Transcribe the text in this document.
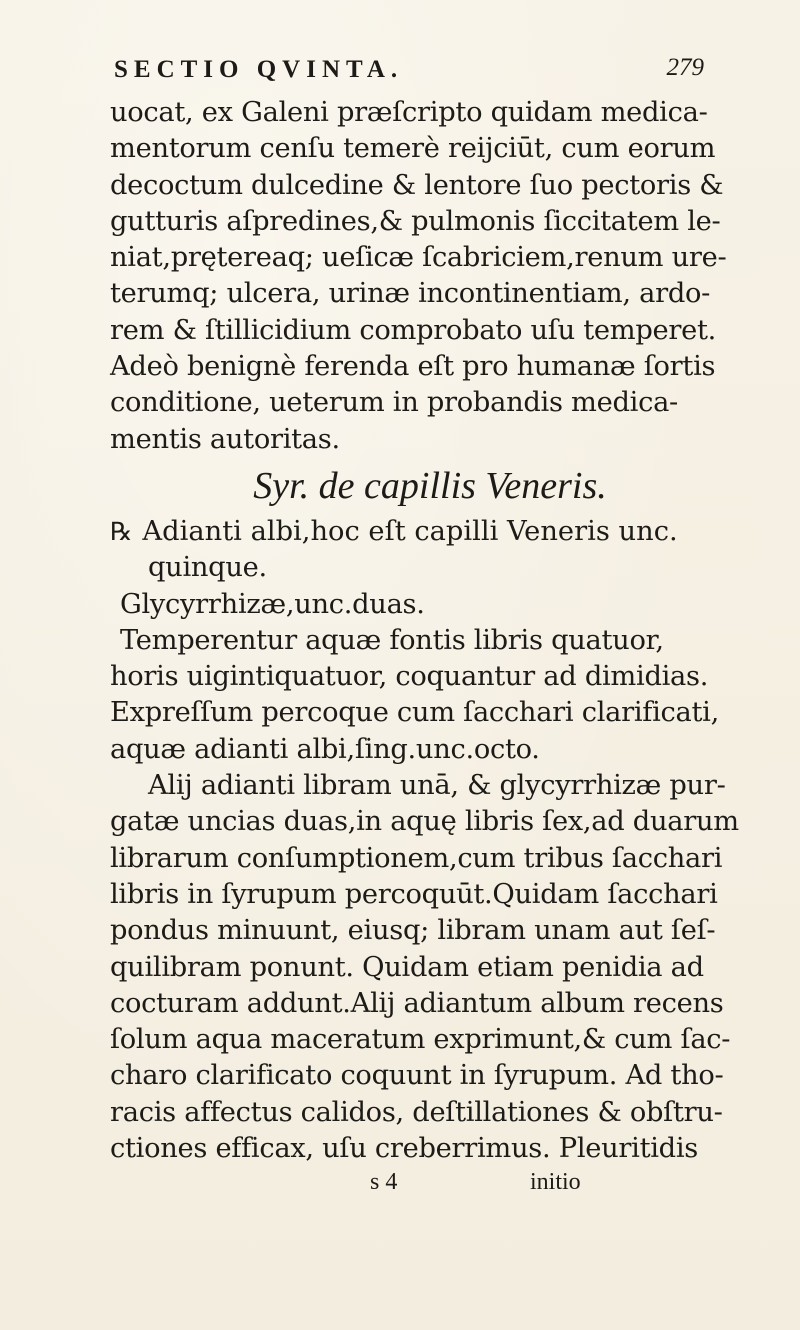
SECTIO QVINTA.	279
uocat, ex Galeni præſcripto quidam medica-
mentorum cenſu temerè reijciūt, cum eorum
decoctum dulcedine & lentore ſuo pectoris &
gutturis aſpredines,& pulmonis ſiccitatem le-
niat,prętereaq; ueſicæ ſcabriciem,renum ure-
terumq; ulcera, urinæ incontinentiam, ardo-
rem & ſtillicidium comprobato uſu temperet.
Adeò benignè ferenda eſt pro humanæ ſortis
conditione, ueterum in probandis medica-
mentis autoritas.
Syr. de capillis Veneris.
℞ Adianti albi,hoc eſt capilli Veneris unc.
quinque.
Glycyrrhizæ,unc.duas.
Temperentur aquæ fontis libris quatuor,
horis uigintiquatuor, coquantur ad dimidias.
Expreſſum percoque cum ſacchari clarificati,
aquæ adianti albi,ſing.unc.octo.
Alij adianti libram unā, & glycyrrhizæ pur-
gatæ uncias duas,in aquę libris ſex,ad duarum
librarum conſumptionem,cum tribus ſacchari
libris in ſyrupum percoquūt.Quidam ſacchari
pondus minuunt, eiusq; libram unam aut ſeſ-
quilibram ponunt. Quidam etiam penidia ad
cocturam addunt.Alij adiantum album recens
ſolum aqua maceratum exprimunt,& cum ſac-
charo clarificato coquunt in ſyrupum. Ad tho-
racis affectus calidos, deſtillationes & obſtru-
ctiones efficax, uſu creberrimus. Pleuritidis
s 4	initio
